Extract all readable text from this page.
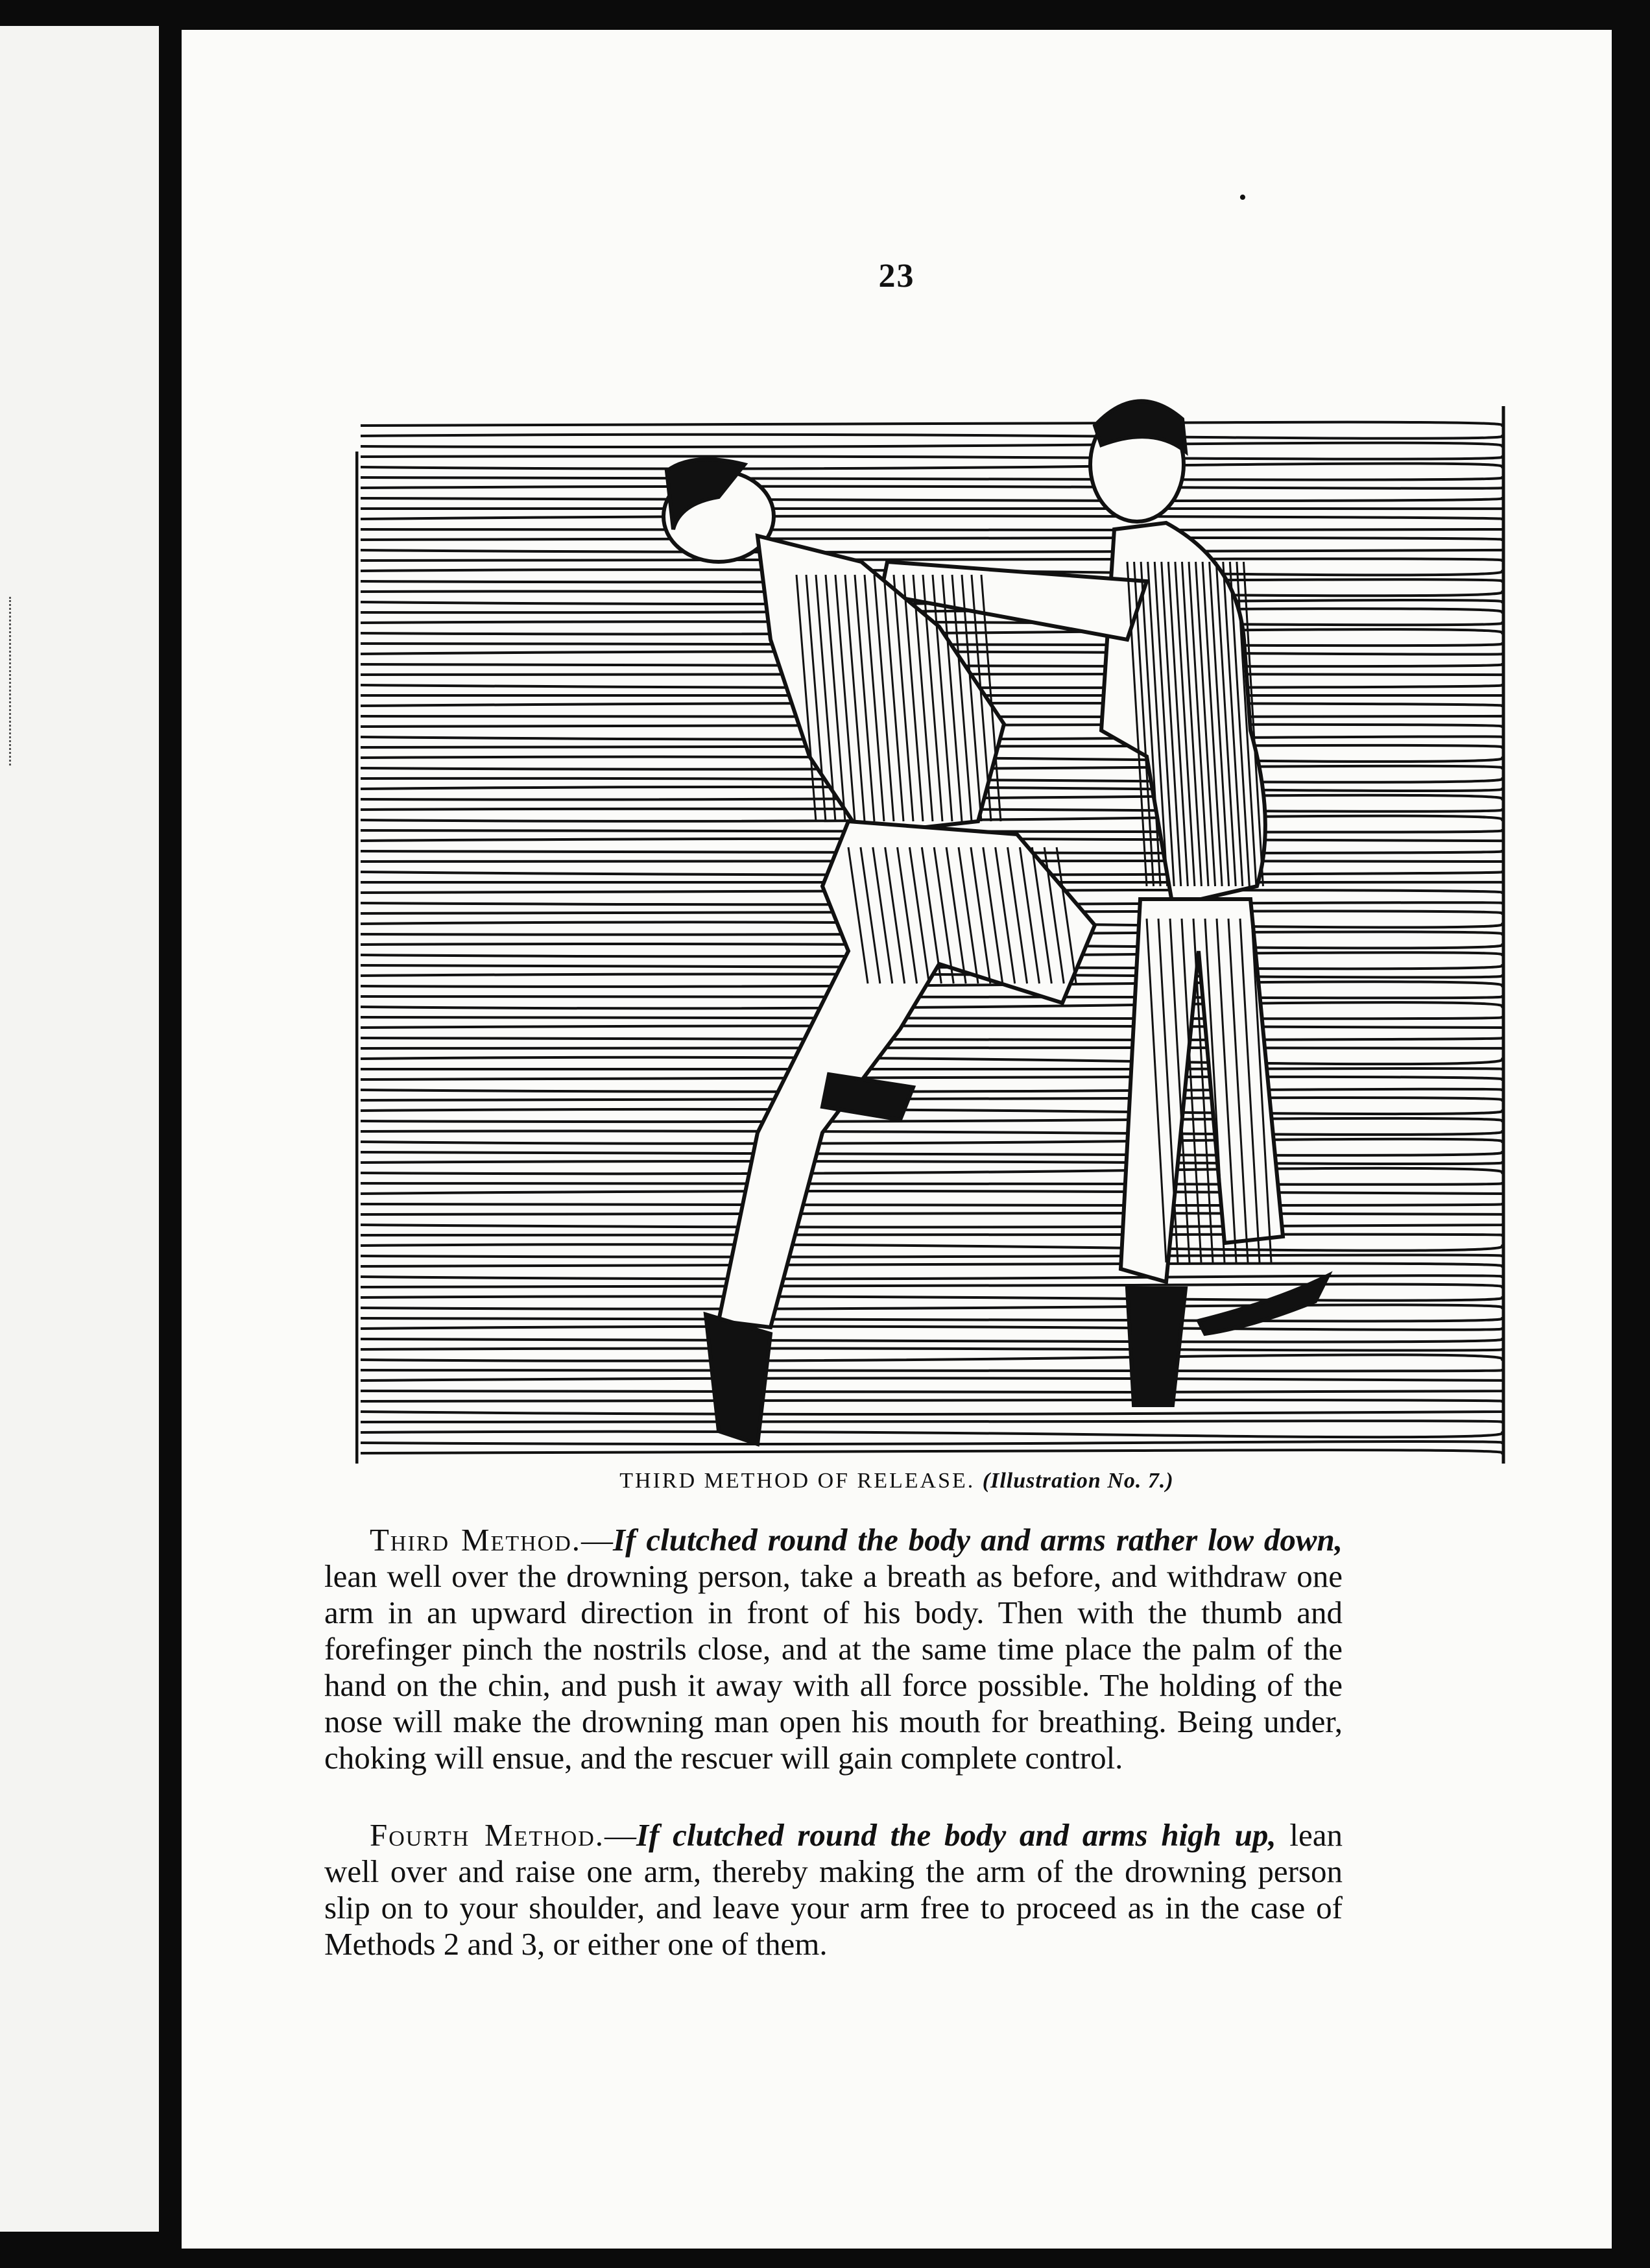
23
•
THIRD METHOD OF RELEASE. (Illustration No. 7.)

Third Method.—If clutched round the body and arms rather low down, lean well over the drowning person, take a breath as before, and withdraw one arm in an upward direction in front of his body. Then with the thumb and forefinger pinch the nostrils close, and at the same time place the palm of the hand on the chin, and push it away with all force possible. The holding of the nose will make the drowning man open his mouth for breathing. Being under, choking will ensue, and the rescuer will gain complete control.

Fourth Method.—If clutched round the body and arms high up, lean well over and raise one arm, thereby making the arm of the drowning person slip on to your shoulder, and leave your arm free to proceed as in the case of Methods 2 and 3, or either one of them.
